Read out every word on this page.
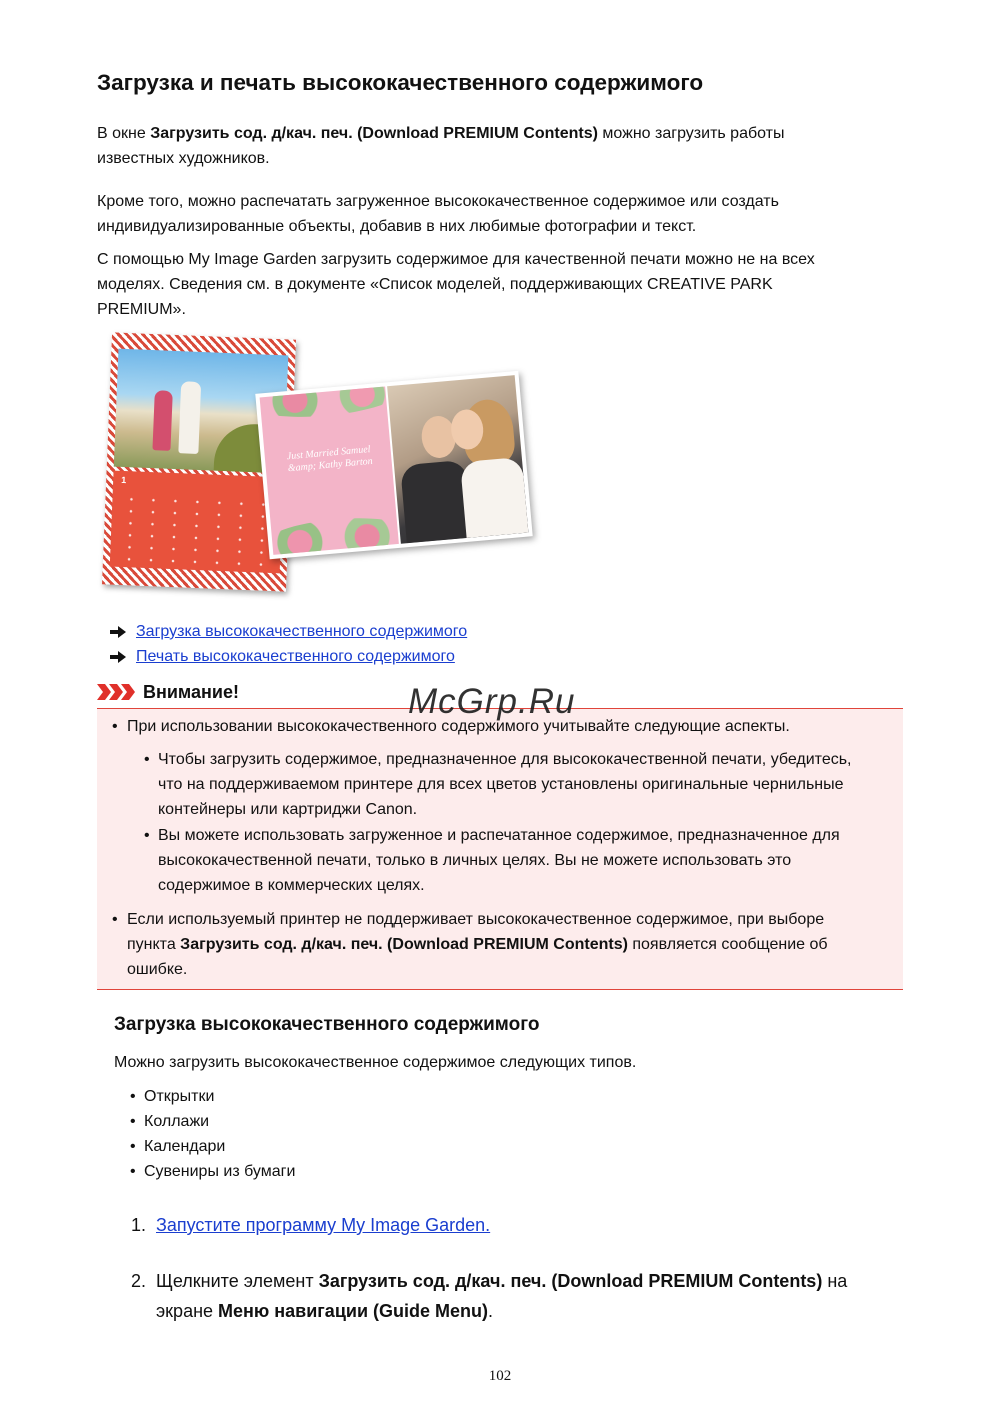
Загрузка и печать высококачественного содержимого

В окне Загрузить сод. д/кач. печ. (Download PREMIUM Contents) можно загрузить работы
известных художников.

Кроме того, можно распечатать загруженное высококачественное содержимое или создать
индивидуализированные объекты, добавив в них любимые фотографии и текст.

С помощью My Image Garden загрузить содержимое для качественной печати можно не на всех
моделях. Сведения см. в документе «Список моделей, поддерживающих CREATIVE PARK
PREMIUM».

1
Just Married Samuel &amp; Kathy Barton
Загрузка высококачественного содержимого
Печать высококачественного содержимого
Внимание!
• При использовании высококачественного содержимого учитывайте следующие аспекты.

• Чтобы загрузить содержимое, предназначенное для высококачественной печати, убедитесь,
что на поддерживаемом принтере для всех цветов установлены оригинальные чернильные
контейнеры или картриджи Canon.

• Вы можете использовать загруженное и распечатанное содержимое, предназначенное для
высококачественной печати, только в личных целях. Вы не можете использовать это
содержимое в коммерческих целях.

• Если используемый принтер не поддерживает высококачественное содержимое, при выборе
пункта Загрузить сод. д/кач. печ. (Download PREMIUM Contents) появляется сообщение об
ошибке.

McGrp.Ru
Загрузка высококачественного содержимого

Можно загрузить высококачественное содержимое следующих типов.

• Открытки
• Коллажи
• Календари
• Сувениры из бумаги
1. Запустите программу My Image Garden.
2. Щелкните элемент Загрузить сод. д/кач. печ. (Download PREMIUM Contents) на
экране Меню навигации (Guide Menu).
102
